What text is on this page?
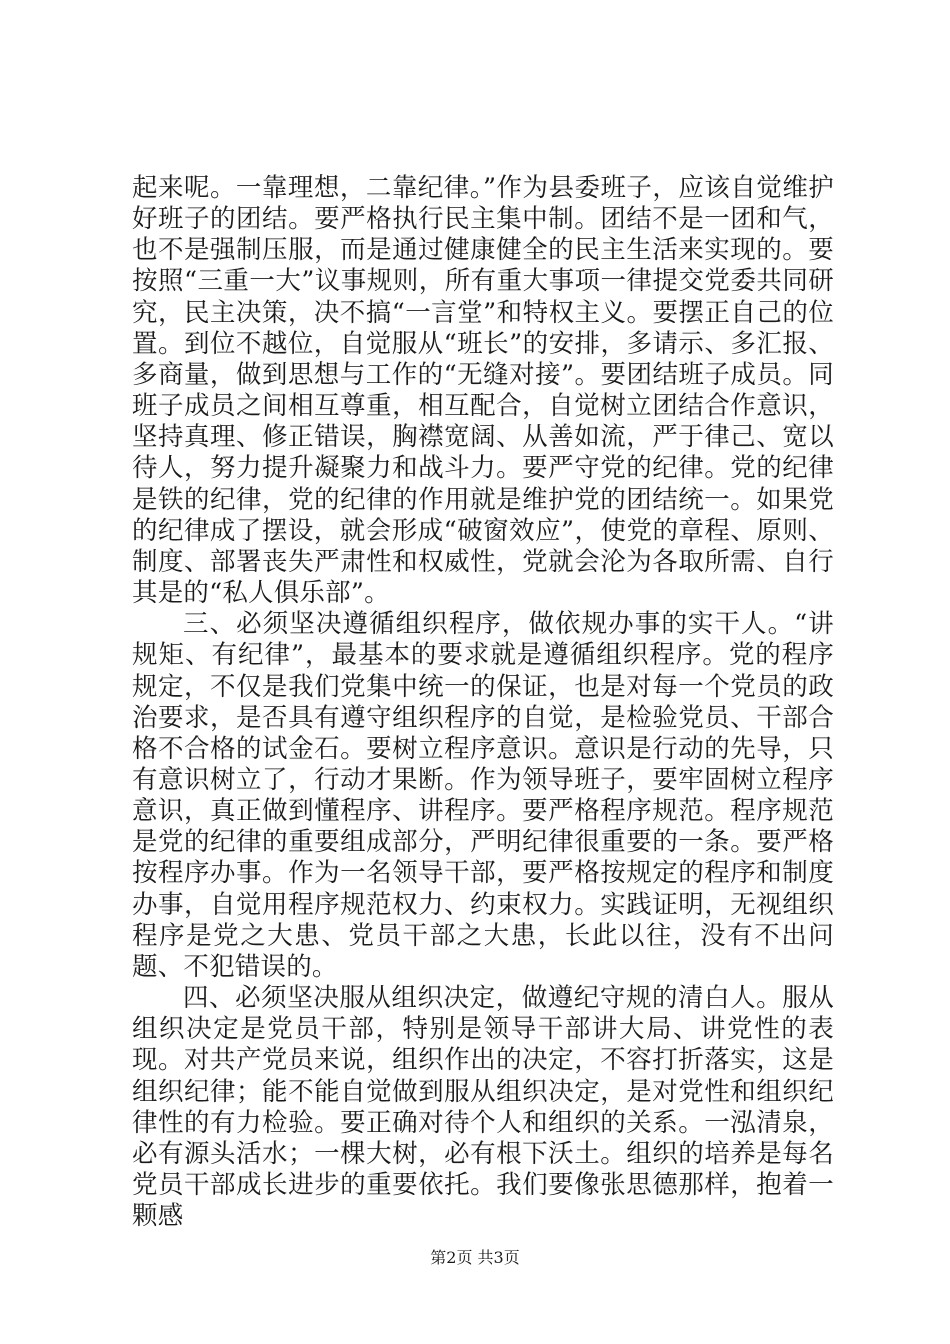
起来呢。一靠理想，二靠纪律。”作为县委班子，应该自觉维护好班子的团结。要严格执行民主集中制。团结不是一团和气，也不是强制压服，而是通过健康健全的民主生活来实现的。要按照“三重一大”议事规则，所有重大事项一律提交党委共同研究，民主决策，决不搞“一言堂”和特权主义。要摆正自己的位置。到位不越位，自觉服从“班长”的安排，多请示、多汇报、多商量，做到思想与工作的“无缝对接”。要团结班子成员。同班子成员之间相互尊重，相互配合，自觉树立团结合作意识，坚持真理、修正错误，胸襟宽阔、从善如流，严于律己、宽以待人，努力提升凝聚力和战斗力。要严守党的纪律。党的纪律是铁的纪律，党的纪律的作用就是维护党的团结统一。如果党的纪律成了摆设，就会形成“破窗效应”，使党的章程、原则、制度、部署丧失严肃性和权威性，党就会沦为各取所需、自行其是的“私人俱乐部”。

三、必须坚决遵循组织程序，做依规办事的实干人。“讲规矩、有纪律”，最基本的要求就是遵循组织程序。党的程序规定，不仅是我们党集中统一的保证，也是对每一个党员的政治要求，是否具有遵守组织程序的自觉，是检验党员、干部合格不合格的试金石。要树立程序意识。意识是行动的先导，只有意识树立了，行动才果断。作为领导班子，要牢固树立程序意识，真正做到懂程序、讲程序。要严格程序规范。程序规范是党的纪律的重要组成部分，严明纪律很重要的一条。要严格按程序办事。作为一名领导干部，要严格按规定的程序和制度办事，自觉用程序规范权力、约束权力。实践证明，无视组织程序是党之大患、党员干部之大患，长此以往，没有不出问题、不犯错误的。

四、必须坚决服从组织决定，做遵纪守规的清白人。服从组织决定是党员干部，特别是领导干部讲大局、讲党性的表现。对共产党员来说，组织作出的决定，不容打折落实，这是组织纪律；能不能自觉做到服从组织决定，是对党性和组织纪律性的有力检验。要正确对待个人和组织的关系。一泓清泉，必有源头活水；一棵大树，必有根下沃土。组织的培养是每名党员干部成长进步的重要依托。我们要像张思德那样，抱着一颗感

第2页 共3页
